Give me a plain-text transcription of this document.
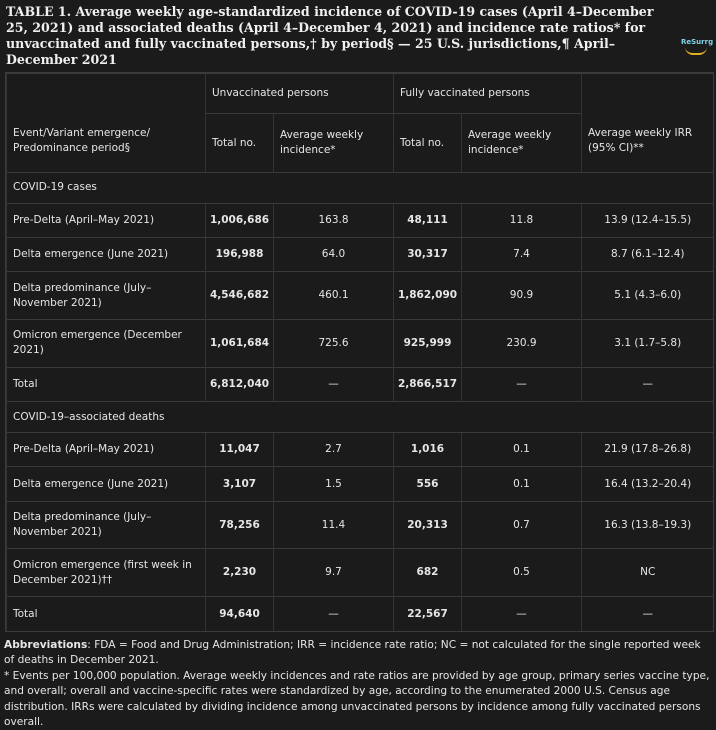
TABLE 1. Average weekly age-standardized incidence of COVID-19 cases (April 4–December 25, 2021) and associated deaths (April 4–December 4, 2021) and incidence rate ratios* for unvaccinated and fully vaccinated persons,† by period§ — 25 U.S. jurisdictions,¶ April–December 2021
ReSurrg
Event/Variant emergence/ Predominance period§	Unvaccinated persons		Fully vaccinated persons		Average weekly IRR (95% CI)**
	Total no.	Average weekly incidence*	Total no.	Average weekly incidence*	
COVID-19 cases					
Pre-Delta (April–May 2021)	1,006,686	163.8	48,111	11.8	13.9 (12.4–15.5)
Delta emergence (June 2021)	196,988	64.0	30,317	7.4	8.7 (6.1–12.4)
Delta predominance (July–November 2021)	4,546,682	460.1	1,862,090	90.9	5.1 (4.3–6.0)
Omicron emergence (December 2021)	1,061,684	725.6	925,999	230.9	3.1 (1.7–5.8)
Total	6,812,040	—	2,866,517	—	—
COVID-19–associated deaths					
Pre-Delta (April–May 2021)	11,047	2.7	1,016	0.1	21.9 (17.8–26.8)
Delta emergence (June 2021)	3,107	1.5	556	0.1	16.4 (13.2–20.4)
Delta predominance (July–November 2021)	78,256	11.4	20,313	0.7	16.3 (13.8–19.3)
Omicron emergence (first week in December 2021)††	2,230	9.7	682	0.5	NC
Total	94,640	—	22,567	—	—
Abbreviations: FDA = Food and Drug Administration; IRR = incidence rate ratio; NC = not calculated for the single reported week of deaths in December 2021.
* Events per 100,000 population. Average weekly incidences and rate ratios are provided by age group, primary series vaccine type, and overall; overall and vaccine-specific rates were standardized by age, according to the enumerated 2000 U.S. Census age distribution. IRRs were calculated by dividing incidence among unvaccinated persons by incidence among fully vaccinated persons overall.
